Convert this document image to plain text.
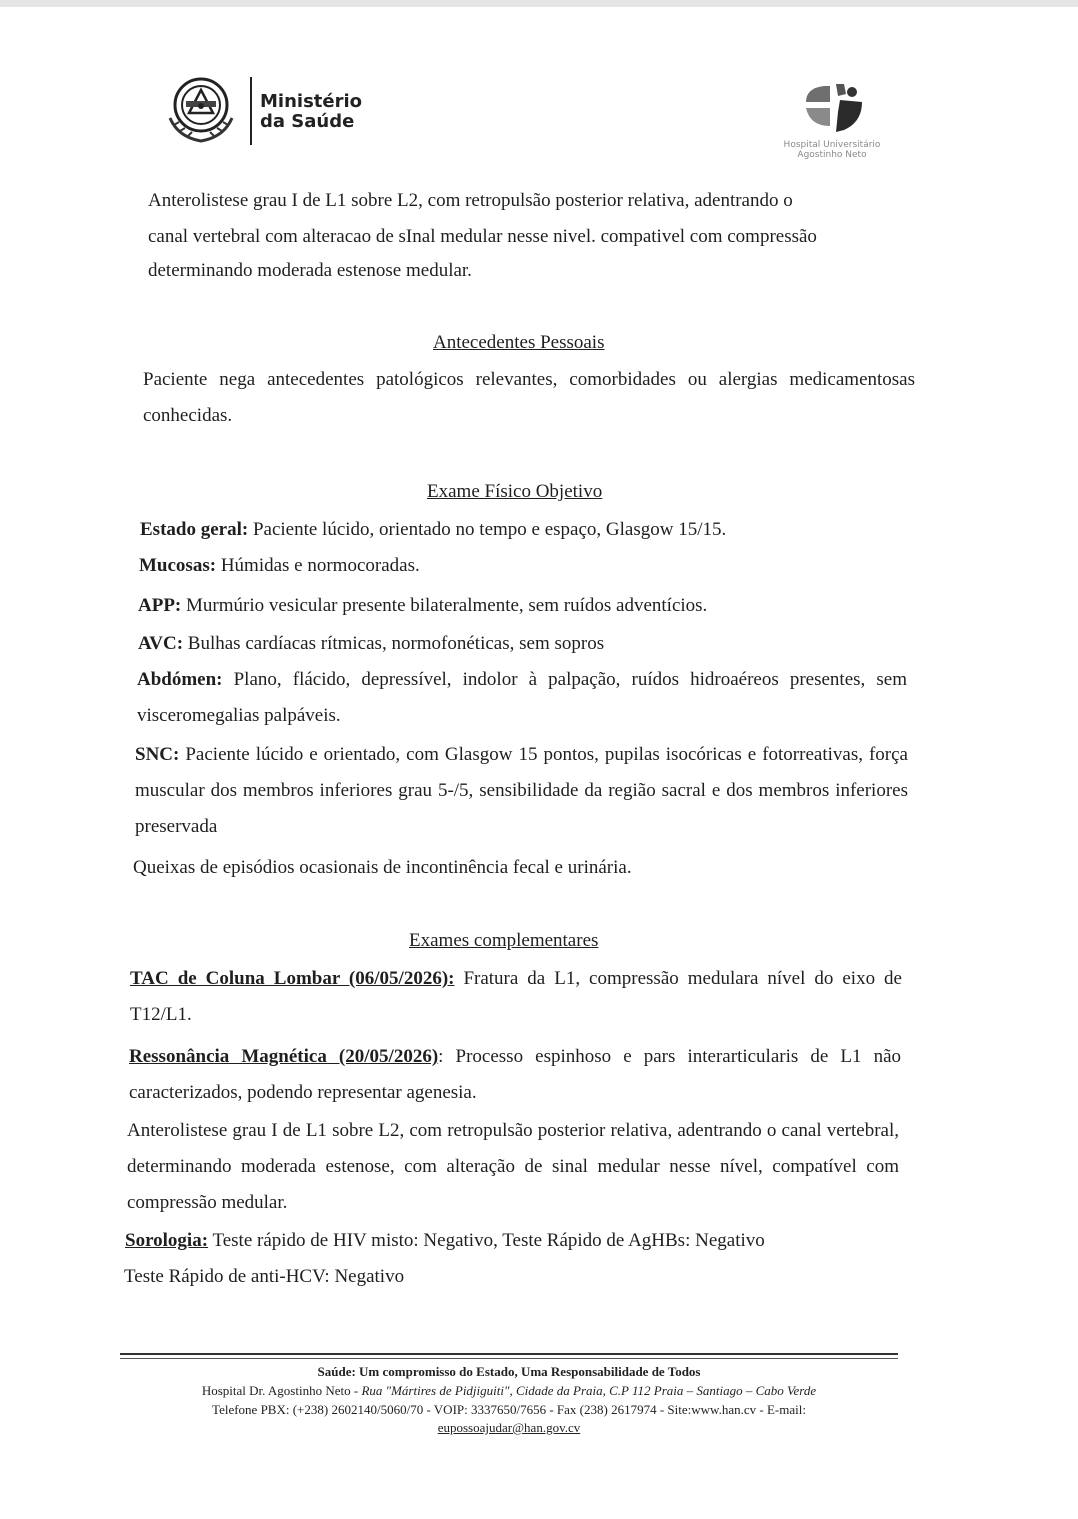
Ministério
da Saúde
Hospital Universitário
Agostinho Neto
Anterolistese grau I de L1 sobre L2, com retropulsão posterior relativa, adentrando o
canal vertebral com alteracao de sInal medular nesse nivel. compativel com compressão
determinando moderada estenose medular.
Antecedentes Pessoais
Paciente nega antecedentes patológicos relevantes, comorbidades ou alergias medicamentosas conhecidas.
Exame Físico Objetivo
Estado geral: Paciente lúcido, orientado no tempo e espaço, Glasgow 15/15.
Mucosas: Húmidas e normocoradas.
APP: Murmúrio vesicular presente bilateralmente, sem ruídos adventícios.
AVC: Bulhas cardíacas rítmicas, normofonéticas, sem sopros
Abdómen: Plano, flácido, depressível, indolor à palpação, ruídos hidroaéreos presentes, sem visceromegalias palpáveis.
SNC: Paciente lúcido e orientado, com Glasgow 15 pontos, pupilas isocóricas e fotorreativas, força muscular dos membros inferiores grau 5-/5, sensibilidade da região sacral e dos membros inferiores preservada
Queixas de episódios ocasionais de incontinência fecal e urinária.
Exames complementares
TAC de Coluna Lombar (06/05/2026): Fratura da L1, compressão medulara nível do eixo de T12/L1.
Ressonância Magnética (20/05/2026): Processo espinhoso e pars interarticularis de L1 não caracterizados, podendo representar agenesia.
Anterolistese grau I de L1 sobre L2, com retropulsão posterior relativa, adentrando o canal vertebral, determinando moderada estenose, com alteração de sinal medular nesse nível, compatível com compressão medular.
Sorologia: Teste rápido de HIV misto: Negativo, Teste Rápido de AgHBs: Negativo
Teste Rápido de anti-HCV: Negativo
Saúde: Um compromisso do Estado, Uma Responsabilidade de Todos
Hospital Dr. Agostinho Neto - Rua "Mártires de Pidjiguiti", Cidade da Praia, C.P 112 Praia – Santiago – Cabo Verde
Telefone PBX: (+238) 2602140/5060/70 - VOIP: 3337650/7656 - Fax (238) 2617974 - Site:www.han.cv - E-mail:
eupossoajudar@han.gov.cv
